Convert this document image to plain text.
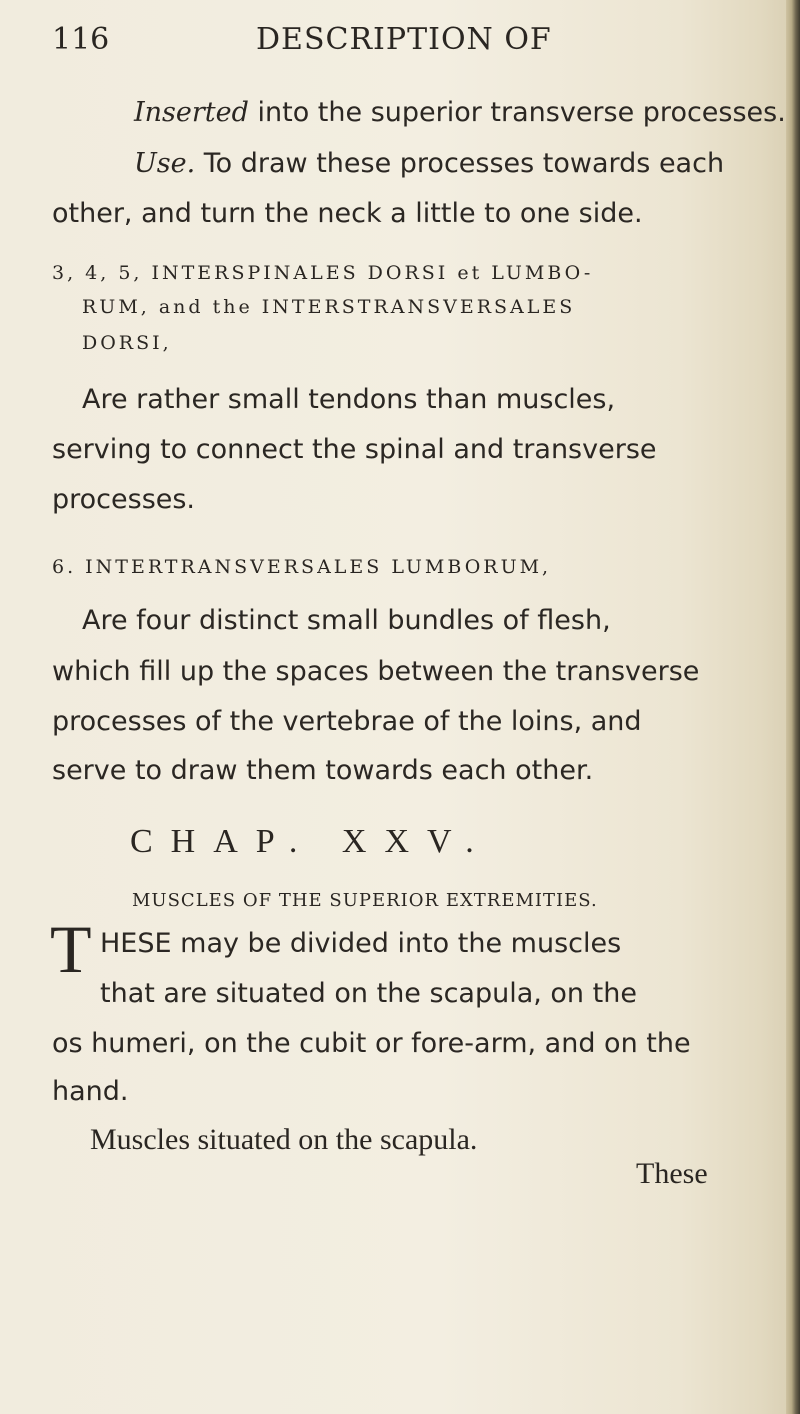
116	DESCRIPTION OF
Inserted into the superior transverse processes.
Use. To draw these processes towards each
other, and turn the neck a little to one side.
3, 4, 5, INTERSPINALES DORSI et LUMBO-
RUM, and the INTERSTRANSVERSALES
DORSI,
Are rather small tendons than muscles,
serving to connect the spinal and transverse
processes.
6. INTERTRANSVERSALES LUMBORUM,
Are four distinct small bundles of flesh,
which fill up the spaces between the transverse
processes of the vertebrae of the loins, and
serve to draw them towards each other.
CHAP. XXV.
MUSCLES OF THE SUPERIOR EXTREMITIES.
T HESE may be divided into the muscles
that are situated on the scapula, on the
os humeri, on the cubit or fore-arm, and on the
hand.
Muscles situated on the scapula.
These
